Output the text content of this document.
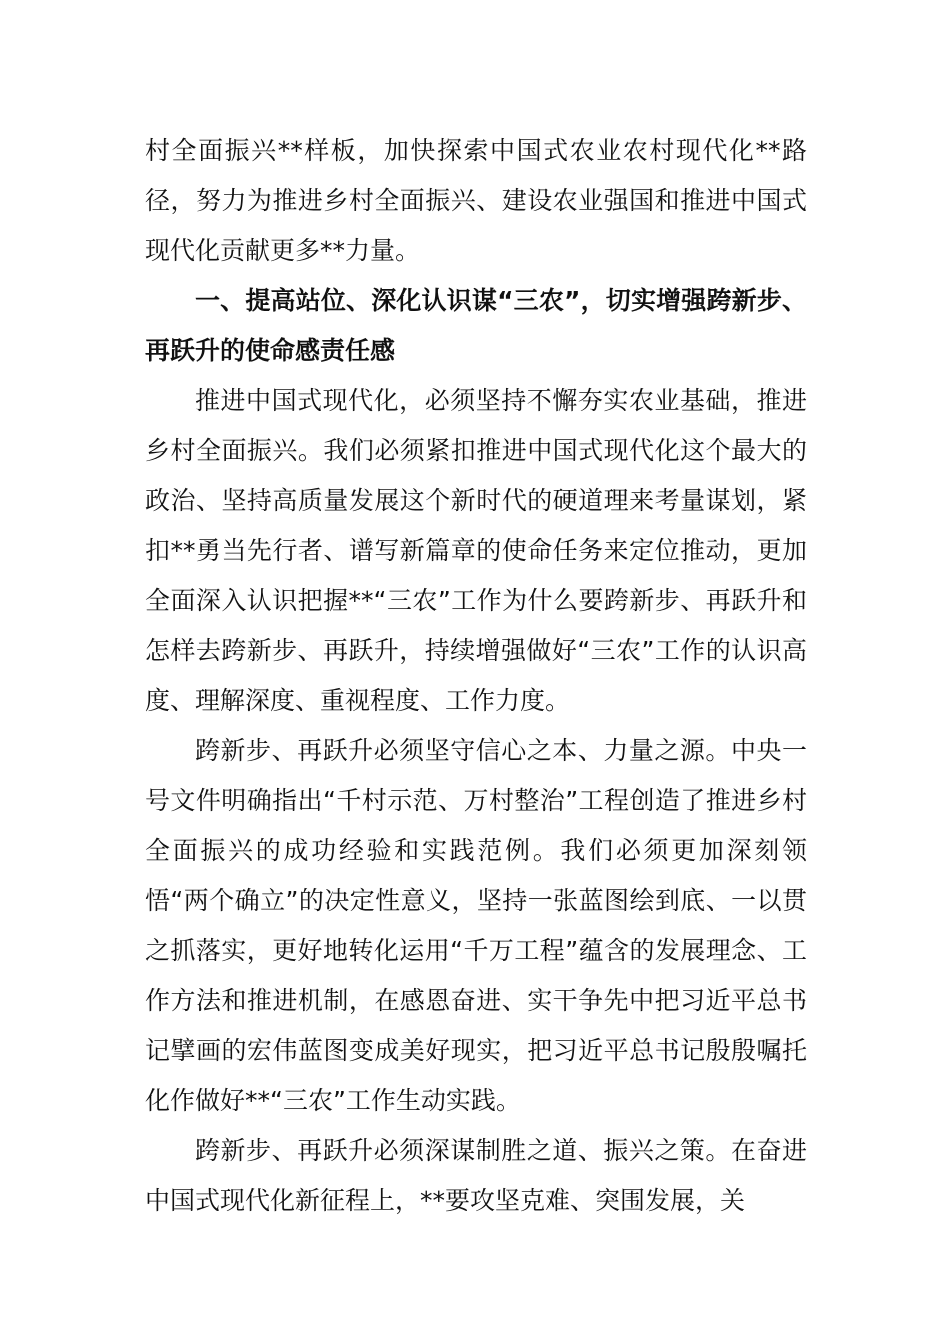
村全面振兴**样板，加快探索中国式农业农村现代化**路径，努力为推进乡村全面振兴、建设农业强国和推进中国式现代化贡献更多**力量。

一、提高站位、深化认识谋“三农”，切实增强跨新步、再跃升的使命感责任感

推进中国式现代化，必须坚持不懈夯实农业基础，推进乡村全面振兴。我们必须紧扣推进中国式现代化这个最大的政治、坚持高质量发展这个新时代的硬道理来考量谋划，紧扣**勇当先行者、谱写新篇章的使命任务来定位推动，更加全面深入认识把握**“三农”工作为什么要跨新步、再跃升和怎样去跨新步、再跃升，持续增强做好“三农”工作的认识高度、理解深度、重视程度、工作力度。

跨新步、再跃升必须坚守信心之本、力量之源。中央一号文件明确指出“千村示范、万村整治”工程创造了推进乡村全面振兴的成功经验和实践范例。我们必须更加深刻领悟“两个确立”的决定性意义，坚持一张蓝图绘到底、一以贯之抓落实，更好地转化运用“千万工程”蕴含的发展理念、工作方法和推进机制，在感恩奋进、实干争先中把习近平总书记擘画的宏伟蓝图变成美好现实，把习近平总书记殷殷嘱托化作做好**“三农”工作生动实践。

跨新步、再跃升必须深谋制胜之道、振兴之策。在奋进中国式现代化新征程上，**要攻坚克难、突围发展，关
